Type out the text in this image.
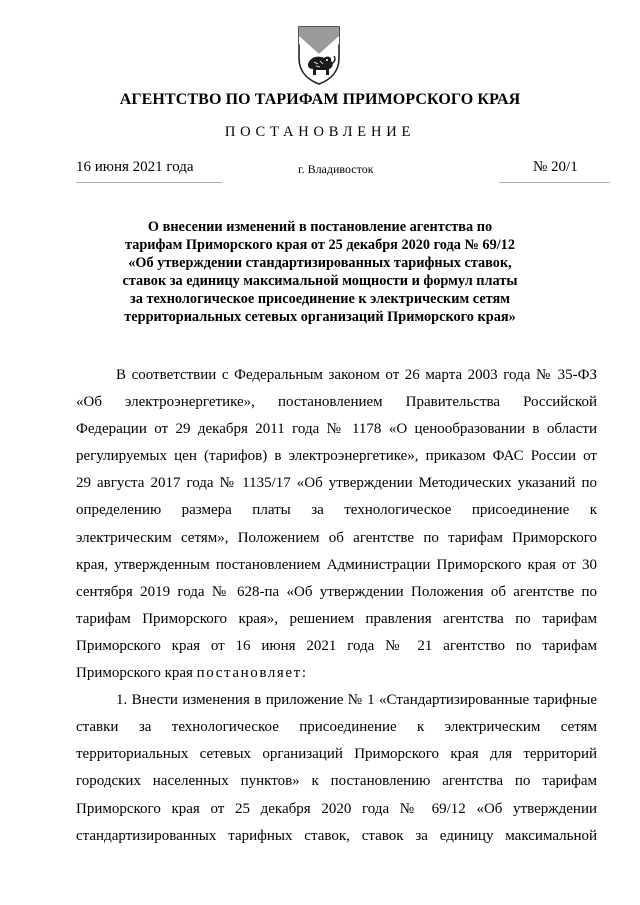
АГЕНТСТВО ПО ТАРИФАМ ПРИМОРСКОГО КРАЯ
ПОСТАНОВЛЕНИЕ
16 июня 2021 года	г. Владивосток	№ 20/1
О внесении изменений в постановление агентства по
тарифам Приморского края от 25 декабря 2020 года № 69/12
«Об утверждении стандартизированных тарифных ставок,
ставок за единицу максимальной мощности и формул платы
за технологическое присоединение к электрическим сетям
территориальных сетевых организаций Приморского края»
В соответствии с Федеральным законом от 26 марта 2003 года № 35-ФЗ
«Об электроэнергетике», постановлением Правительства Российской
Федерации от 29 декабря 2011 года № 1178 «О ценообразовании в области
регулируемых цен (тарифов) в электроэнергетике», приказом ФАС России от
29 августа 2017 года № 1135/17 «Об утверждении Методических указаний по
определению размера платы за технологическое присоединение к
электрическим сетям», Положением об агентстве по тарифам Приморского
края, утвержденным постановлением Администрации Приморского края от 30
сентября 2019 года № 628-па «Об утверждении Положения об агентстве по
тарифам Приморского края», решением правления агентства по тарифам
Приморского края от 16 июня 2021 года № 21 агентство по тарифам
Приморского края постановляет:
1. Внести изменения в приложение № 1 «Стандартизированные тарифные
ставки за технологическое присоединение к электрическим сетям
территориальных сетевых организаций Приморского края для территорий
городских населенных пунктов» к постановлению агентства по тарифам
Приморского края от 25 декабря 2020 года № 69/12 «Об утверждении
стандартизированных тарифных ставок, ставок за единицу максимальной
